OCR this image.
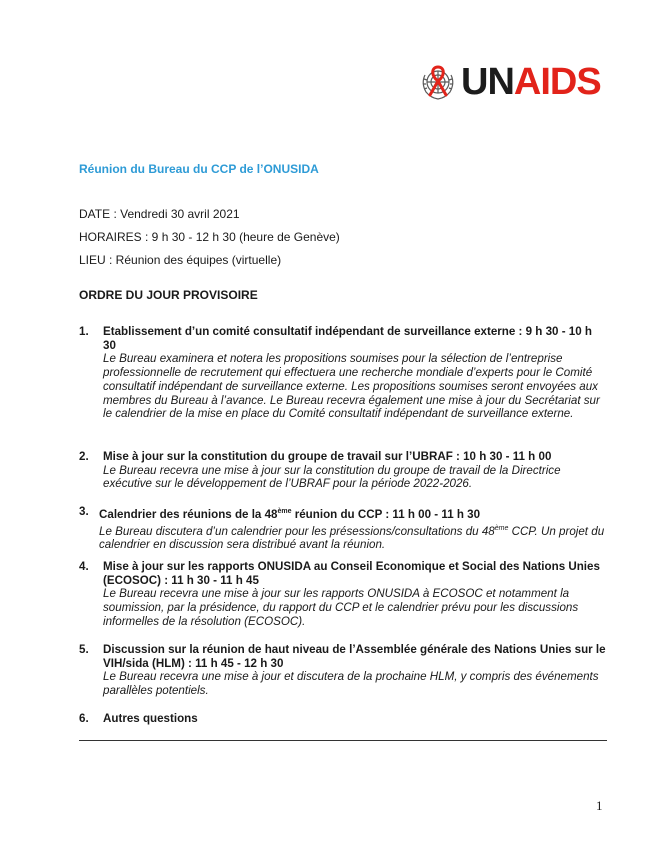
UN AIDS
Réunion du Bureau du CCP de l’ONUSIDA
DATE : Vendredi 30 avril 2021
HORAIRES : 9 h 30 - 12 h 30 (heure de Genève)
LIEU : Réunion des équipes (virtuelle)
ORDRE DU JOUR PROVISOIRE
1. Etablissement d’un comité consultatif indépendant de surveillance externe : 9 h 30 - 10 h 30
Le Bureau examinera et notera les propositions soumises pour la sélection de l’entreprise professionnelle de recrutement qui effectuera une recherche mondiale d’experts pour le Comité consultatif indépendant de surveillance externe. Les propositions soumises seront envoyées aux membres du Bureau à l’avance. Le Bureau recevra également une mise à jour du Secrétariat sur le calendrier de la mise en place du Comité consultatif indépendant de surveillance externe.
2. Mise à jour sur la constitution du groupe de travail sur l’UBRAF : 10 h 30 - 11 h 00
Le Bureau recevra une mise à jour sur la constitution du groupe de travail de la Directrice exécutive sur le développement de l’UBRAF pour la période 2022-2026.
3. Calendrier des réunions de la 48ème réunion du CCP : 11 h 00 - 11 h 30
Le Bureau discutera d’un calendrier pour les présessions/consultations du 48ème CCP. Un projet du calendrier en discussion sera distribué avant la réunion.
4. Mise à jour sur les rapports ONUSIDA au Conseil Economique et Social des Nations Unies (ECOSOC) : 11 h 30 - 11 h 45
Le Bureau recevra une mise à jour sur les rapports ONUSIDA à ECOSOC et notamment la soumission, par la présidence, du rapport du CCP et le calendrier prévu pour les discussions informelles de la résolution (ECOSOC).
5. Discussion sur la réunion de haut niveau de l’Assemblée générale des Nations Unies sur le VIH/sida (HLM) : 11 h 45 - 12 h 30
Le Bureau recevra une mise à jour et discutera de la prochaine HLM, y compris des événements parallèles potentiels.
6. Autres questions
1
